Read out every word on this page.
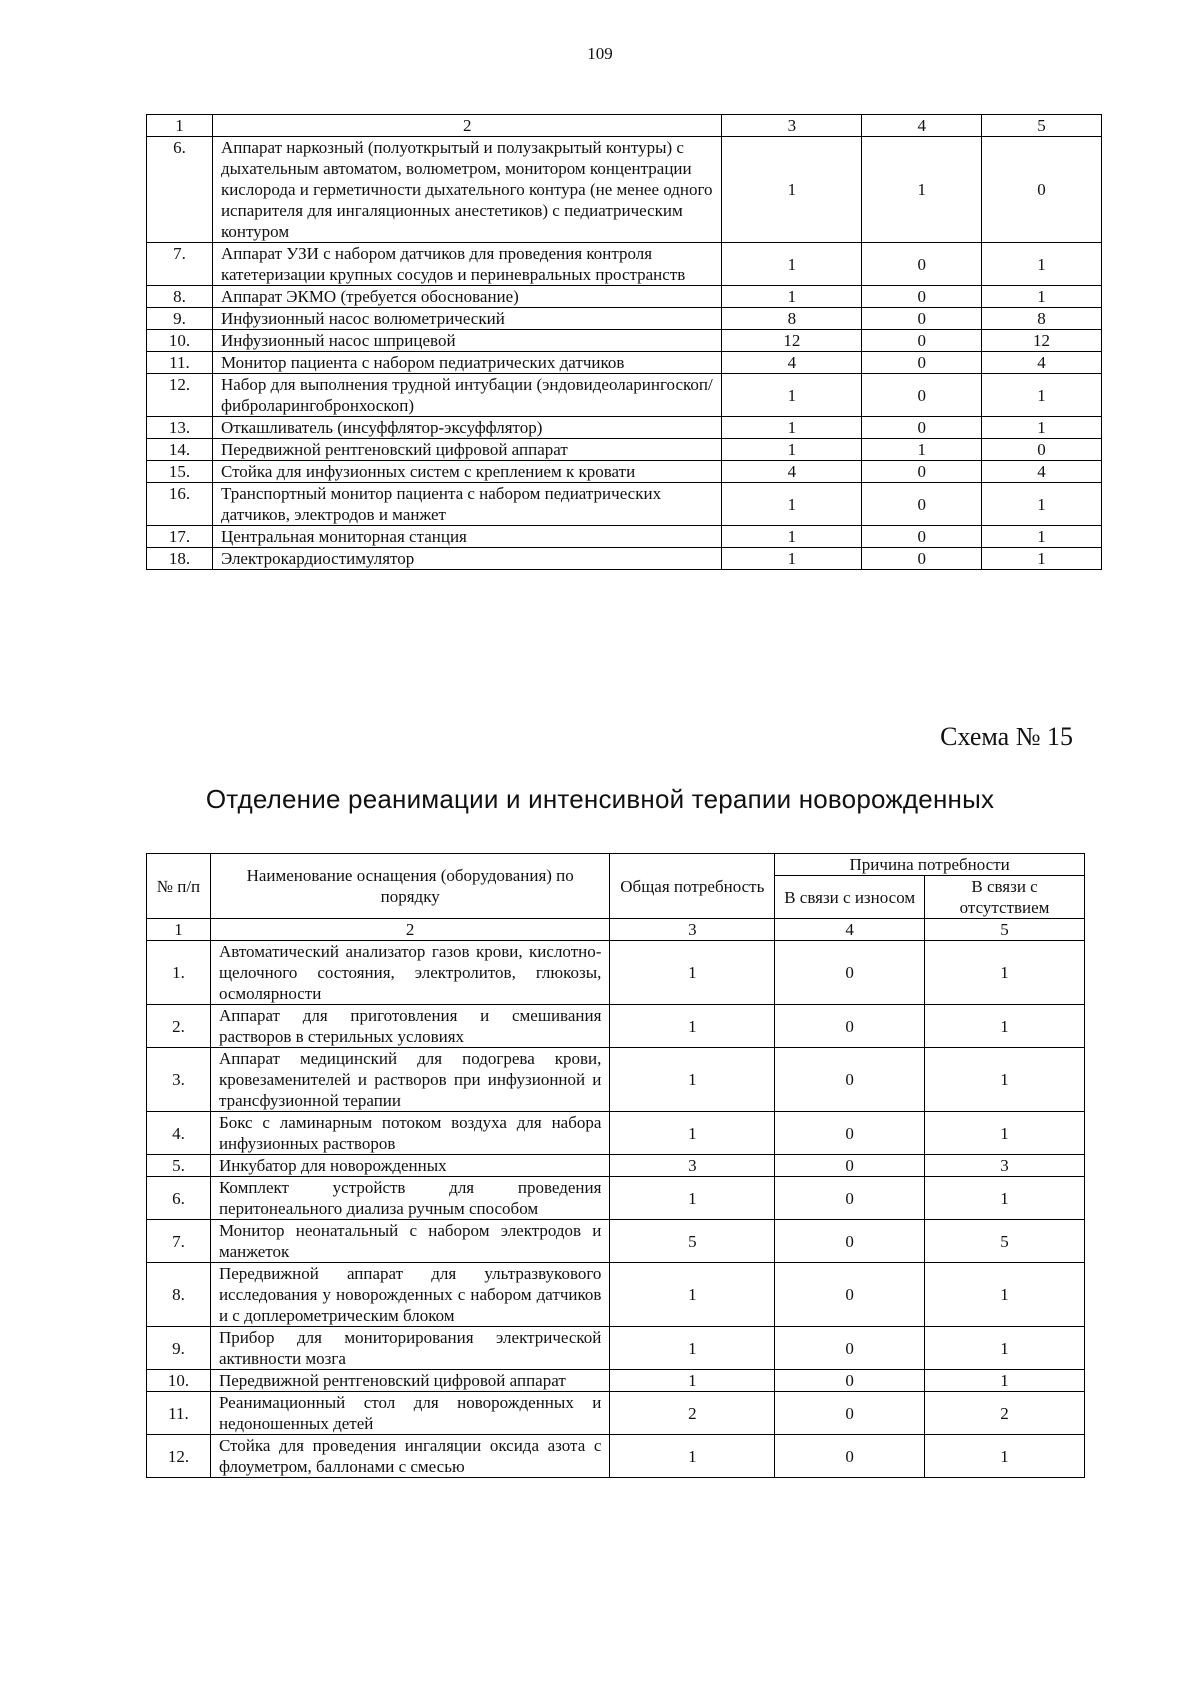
109
1	2	3	4	5
6.	Аппарат наркозный (полуоткрытый и полузакрытый контуры) с дыхательным автоматом, волюметром, монитором концентрации кислорода и герметичности дыхательного контура (не менее одного испарителя для ингаляционных анестетиков) с педиатрическим контуром	1	1	0
7.	Аппарат УЗИ с набором датчиков для проведения контроля катетеризации крупных сосудов и периневральных пространств	1	0	1
8.	Аппарат ЭКМО (требуется обоснование)	1	0	1
9.	Инфузионный насос волюметрический	8	0	8
10.	Инфузионный насос шприцевой	12	0	12
11.	Монитор пациента с набором педиатрических датчиков	4	0	4
12.	Набор для выполнения трудной интубации (эндовидеоларингоскоп/фиброларингобронхоскоп)	1	0	1
13.	Откашливатель (инсуффлятор-эксуффлятор)	1	0	1
14.	Передвижной рентгеновский цифровой аппарат	1	1	0
15.	Стойка для инфузионных систем с креплением к кровати	4	0	4
16.	Транспортный монитор пациента с набором педиатрических датчиков, электродов и манжет	1	0	1
17.	Центральная мониторная станция	1	0	1
18.	Электрокардиостимулятор	1	0	1
Схема № 15
Отделение реанимации и интенсивной терапии новорожденных
№ п/п	Наименование оснащения (оборудования) по порядку	Общая потребность	Причина потребности	
			В связи с износом	В связи с отсутствием
1	2	3	4	5
1.	Автоматический анализатор газов крови, кислотно-щелочного состояния, электролитов, глюкозы, осмолярности	1	0	1
2.	Аппарат для приготовления и смешивания растворов в стерильных условиях	1	0	1
3.	Аппарат медицинский для подогрева крови, кровезаменителей и растворов при инфузионной и трансфузионной терапии	1	0	1
4.	Бокс с ламинарным потоком воздуха для набора инфузионных растворов	1	0	1
5.	Инкубатор для новорожденных	3	0	3
6.	Комплект устройств для проведения перитонеального диализа ручным способом	1	0	1
7.	Монитор неонатальный с набором электродов и манжеток	5	0	5
8.	Передвижной аппарат для ультразвукового исследования у новорожденных с набором датчиков и с доплерометрическим блоком	1	0	1
9.	Прибор для мониторирования электрической активности мозга	1	0	1
10.	Передвижной рентгеновский цифровой аппарат	1	0	1
11.	Реанимационный стол для новорожденных и недоношенных детей	2	0	2
12.	Стойка для проведения ингаляции оксида азота с флоуметром, баллонами с смесью	1	0	1
